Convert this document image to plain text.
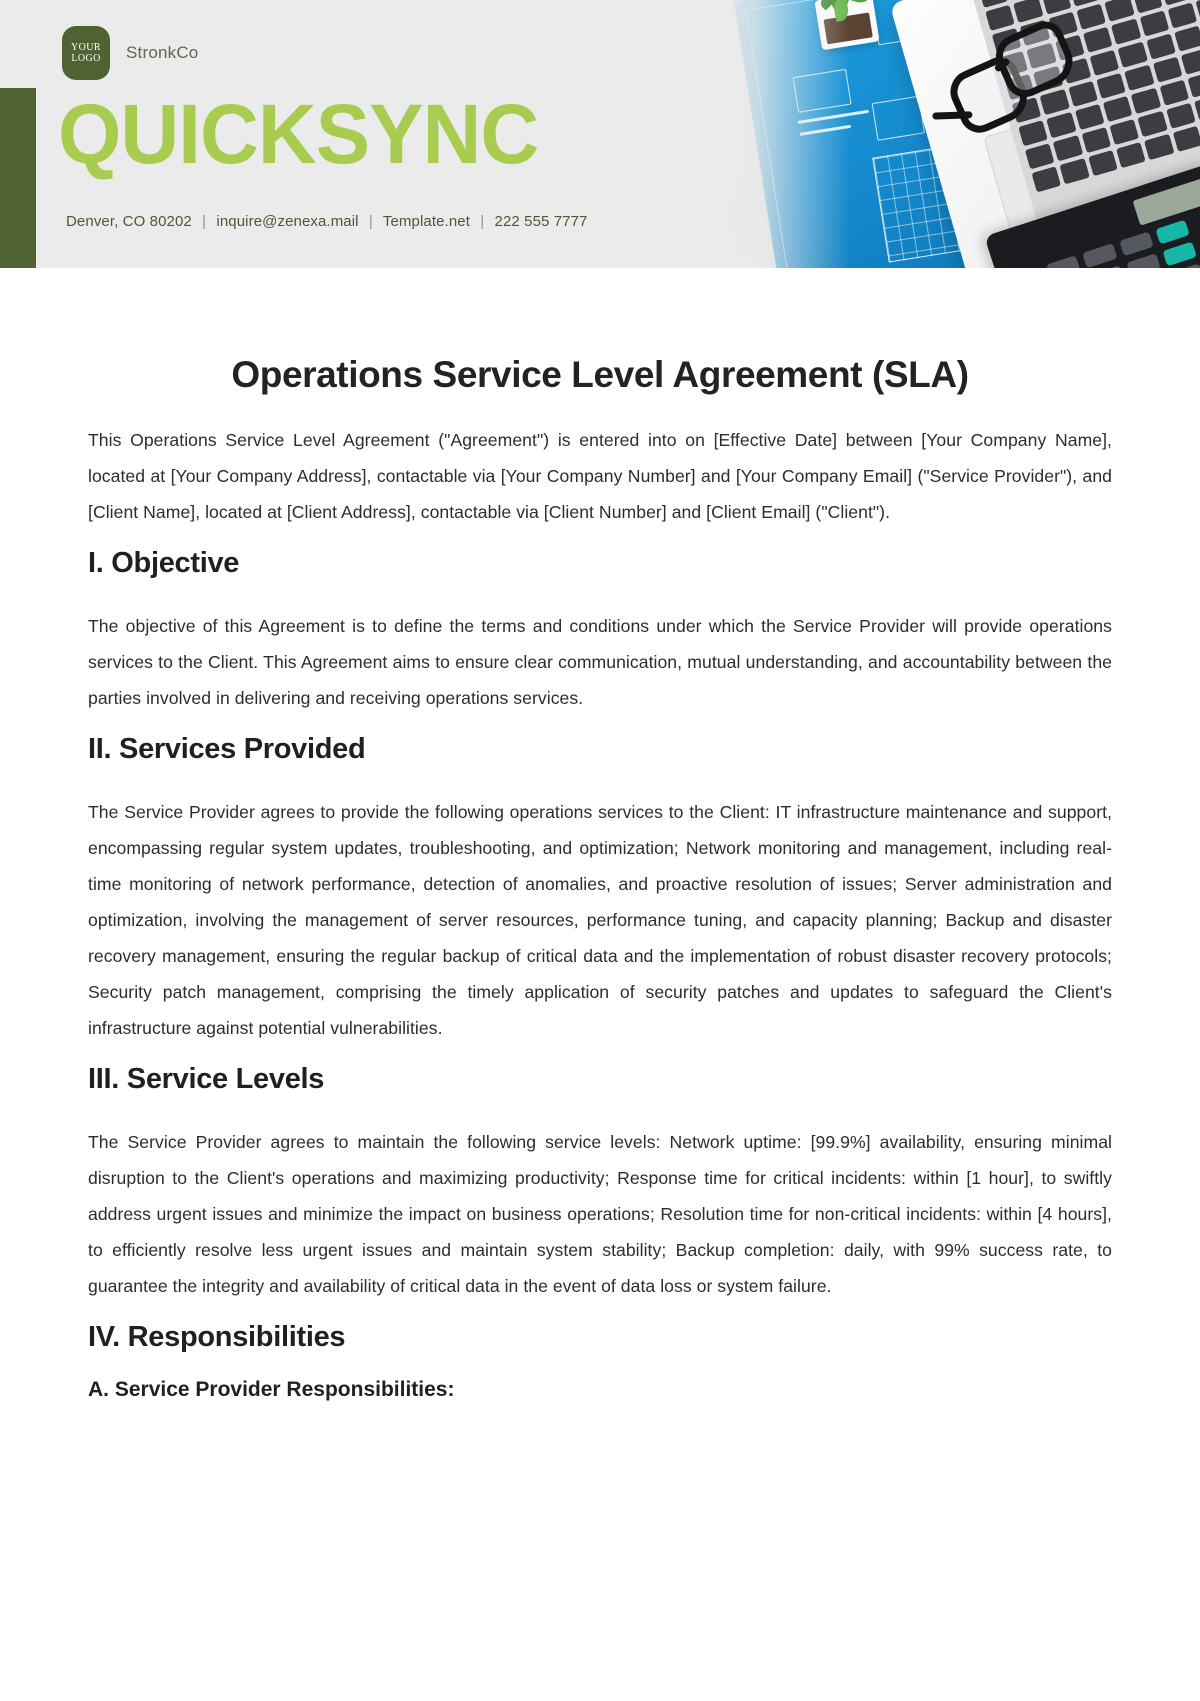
YOUR
LOGO StronkCo
QUICKSYNC
Denver, CO 80202 | inquire@zenexa.mail | Template.net | 222 555 7777
Operations Service Level Agreement (SLA)

This Operations Service Level Agreement ("Agreement") is entered into on [Effective Date] between [Your Company Name], located at [Your Company Address], contactable via [Your Company Number] and [Your Company Email] ("Service Provider"), and [Client Name], located at [Client Address], contactable via [Client Number] and [Client Email] ("Client").

I. Objective

The objective of this Agreement is to define the terms and conditions under which the Service Provider will provide operations services to the Client. This Agreement aims to ensure clear communication, mutual understanding, and accountability between the parties involved in delivering and receiving operations services.

II. Services Provided

The Service Provider agrees to provide the following operations services to the Client: IT infrastructure maintenance and support, encompassing regular system updates, troubleshooting, and optimization; Network monitoring and management, including real-time monitoring of network performance, detection of anomalies, and proactive resolution of issues; Server administration and optimization, involving the management of server resources, performance tuning, and capacity planning; Backup and disaster recovery management, ensuring the regular backup of critical data and the implementation of robust disaster recovery protocols; Security patch management, comprising the timely application of security patches and updates to safeguard the Client's infrastructure against potential vulnerabilities.

III. Service Levels

The Service Provider agrees to maintain the following service levels: Network uptime: [99.9%] availability, ensuring minimal disruption to the Client's operations and maximizing productivity; Response time for critical incidents: within [1 hour], to swiftly address urgent issues and minimize the impact on business operations; Resolution time for non-critical incidents: within [4 hours], to efficiently resolve less urgent issues and maintain system stability; Backup completion: daily, with 99% success rate, to guarantee the integrity and availability of critical data in the event of data loss or system failure.

IV. Responsibilities
A. Service Provider Responsibilities:
